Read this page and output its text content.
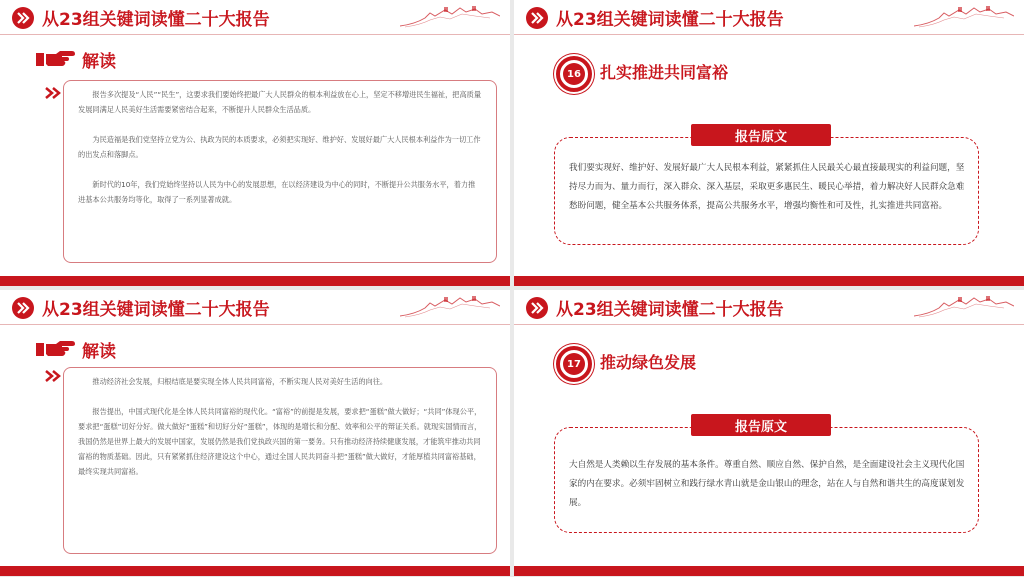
从23组关键词读懂二十大报告
解读

报告多次提及“人民”“民生”，这要求我们要始终把最广大人民群众的根本利益放在心上，坚定不移增进民生福祉，把高质量发展同满足人民美好生活需要紧密结合起来，不断提升人民群众生活品质。

为民造福是我们党坚持立党为公、执政为民的本质要求，必须把实现好、维护好、发展好最广大人民根本利益作为一切工作的出发点和落脚点。

新时代的10年，我们党始终坚持以人民为中心的发展思想，在以经济建设为中心的同时，不断提升公共服务水平，着力推进基本公共服务均等化，取得了一系列显著成就。

从23组关键词读懂二十大报告
16 扎实推进共同富裕

我们要实现好、维护好、发展好最广大人民根本利益，紧紧抓住人民最关心最直接最现实的利益问题，坚持尽力而为、量力而行，深入群众、深入基层，采取更多惠民生、暖民心举措，着力解决好人民群众急难愁盼问题，健全基本公共服务体系，提高公共服务水平，增强均衡性和可及性，扎实推进共同富裕。

报告原文
从23组关键词读懂二十大报告
解读

推动经济社会发展，归根结底是要实现全体人民共同富裕，不断实现人民对美好生活的向往。

报告提出，中国式现代化是全体人民共同富裕的现代化。“富裕”的前提是发展，要求把“蛋糕”做大做好；“共同”体现公平，要求把“蛋糕”切好分好。做大做好“蛋糕”和切好分好“蛋糕”，体现的是增长和分配、效率和公平的辩证关系。就现实国情而言，我国仍然是世界上最大的发展中国家，发展仍然是我们党执政兴国的第一要务。只有推动经济持续健康发展，才能筑牢推动共同富裕的物质基础。因此，只有紧紧抓住经济建设这个中心，通过全国人民共同奋斗把“蛋糕”做大做好，才能厚植共同富裕基础，最终实现共同富裕。

从23组关键词读懂二十大报告
17 推动绿色发展

大自然是人类赖以生存发展的基本条件。尊重自然、顺应自然、保护自然，是全面建设社会主义现代化国家的内在要求。必须牢固树立和践行绿水青山就是金山银山的理念，站在人与自然和谐共生的高度谋划发展。

报告原文
